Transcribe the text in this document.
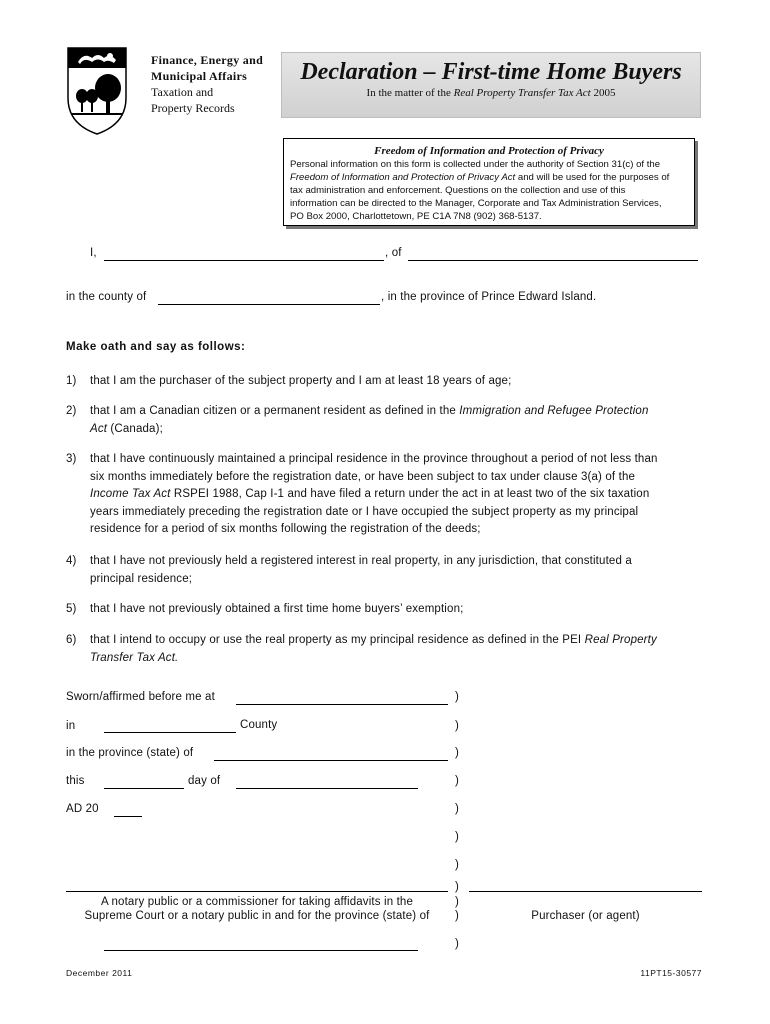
Finance, Energy and
Municipal Affairs
Taxation and
Property Records
Declaration – First-time Home Buyers
In the matter of the Real Property Transfer Tax Act 2005
Freedom of Information and Protection of Privacy
Personal information on this form is collected under the authority of Section 31(c) of the
Freedom of Information and Protection of Privacy Act and will be used for the purposes of
tax administration and enforcement. Questions on the collection and use of this
information can be directed to the Manager, Corporate and Tax Administration Services,
PO Box 2000, Charlottetown, PE C1A 7N8 (902) 368-5137.
I,	, of
in the county of	, in the province of Prince Edward Island.
Make oath and say as follows:
1) that I am the purchaser of the subject property and I am at least 18 years of age;
2) that I am a Canadian citizen or a permanent resident as defined in the Immigration and Refugee Protection
Act (Canada);
3) that I have continuously maintained a principal residence in the province throughout a period of not less than
six months immediately before the registration date, or have been subject to tax under clause 3(a) of the
Income Tax Act RSPEI 1988, Cap I-1 and have filed a return under the act in at least two of the six taxation
years immediately preceding the registration date or I have occupied the subject property as my principal
residence for a period of six months following the registration of the deeds;
4) that I have not previously held a registered interest in real property, in any jurisdiction, that constituted a
principal residence;
5) that I have not previously obtained a first time home buyers’ exemption;
6) that I intend to occupy or use the real property as my principal residence as defined in the PEI Real Property
Transfer Tax Act.
Sworn/affirmed before me at	)
in	County	)
in the province (state) of	)
this	day of	)
AD 20	)
)
)
)
A notary public or a commissioner for taking affidavits in the	)
Supreme Court or a notary public in and for the province (state) of	)	Purchaser (or agent)
)
December 2011	11PT15-30577
